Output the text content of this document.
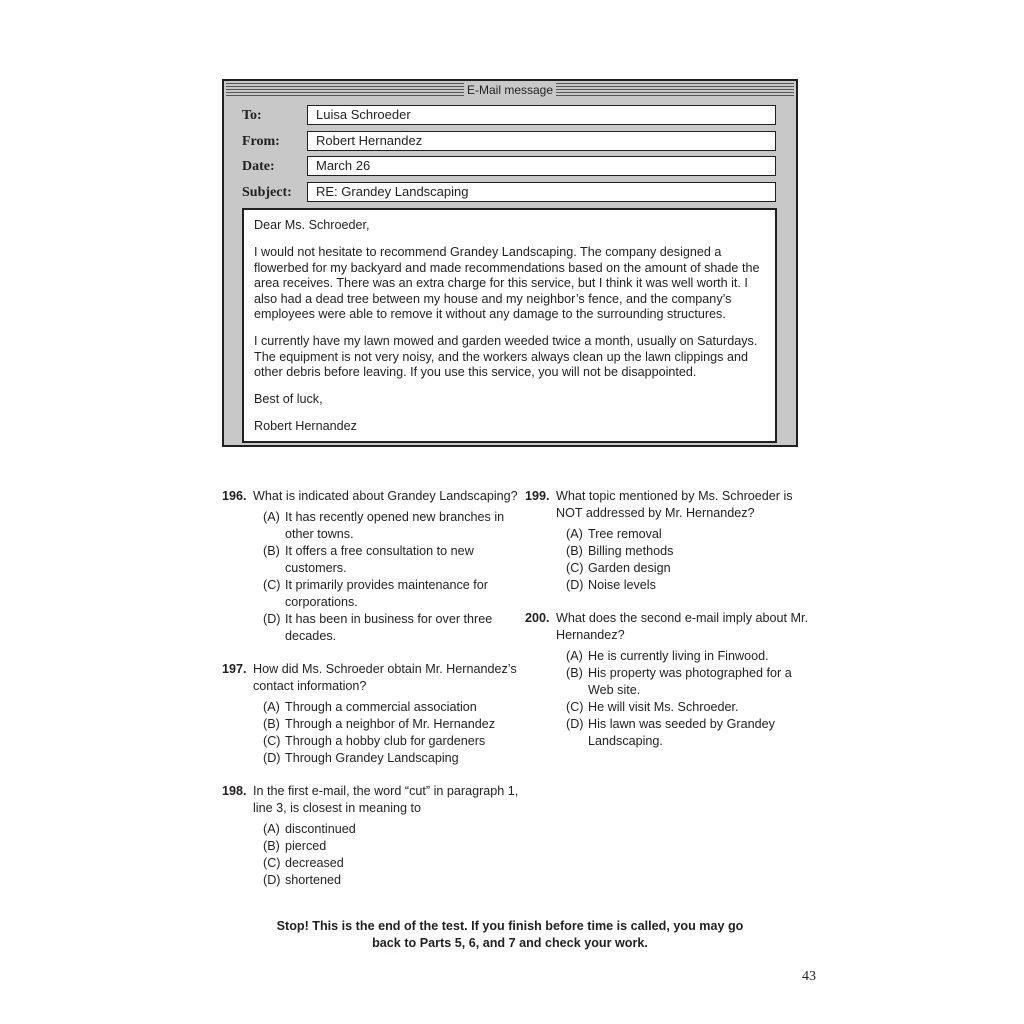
E-Mail message
To:	Luisa Schroeder
From:	Robert Hernandez
Date:	March 26
Subject:	RE: Grandey Landscaping

Dear Ms. Schroeder,

I would not hesitate to recommend Grandey Landscaping. The company designed a flowerbed for my backyard and made recommendations based on the amount of shade the area receives. There was an extra charge for this service, but I think it was well worth it. I also had a dead tree between my house and my neighbor’s fence, and the company’s employees were able to remove it without any damage to the surrounding structures.

I currently have my lawn mowed and garden weeded twice a month, usually on Saturdays. The equipment is not very noisy, and the workers always clean up the lawn clippings and other debris before leaving. If you use this service, you will not be disappointed.

Best of luck,

Robert Hernandez

196. What is indicated about Grandey Landscaping?
(A) It has recently opened new branches in other towns.
(B) It offers a free consultation to new customers.
(C) It primarily provides maintenance for corporations.
(D) It has been in business for over three decades.
197. How did Ms. Schroeder obtain Mr. Hernandez’s contact information?
(A) Through a commercial association
(B) Through a neighbor of Mr. Hernandez
(C) Through a hobby club for gardeners
(D) Through Grandey Landscaping
198. In the first e-mail, the word “cut” in paragraph 1, line 3, is closest in meaning to
(A) discontinued
(B) pierced
(C) decreased
(D) shortened
199. What topic mentioned by Ms. Schroeder is NOT addressed by Mr. Hernandez?
(A) Tree removal
(B) Billing methods
(C) Garden design
(D) Noise levels
200. What does the second e-mail imply about Mr. Hernandez?
(A) He is currently living in Finwood.
(B) His property was photographed for a Web site.
(C) He will visit Ms. Schroeder.
(D) His lawn was seeded by Grandey Landscaping.
Stop! This is the end of the test. If you finish before time is called, you may go
back to Parts 5, 6, and 7 and check your work.
43
